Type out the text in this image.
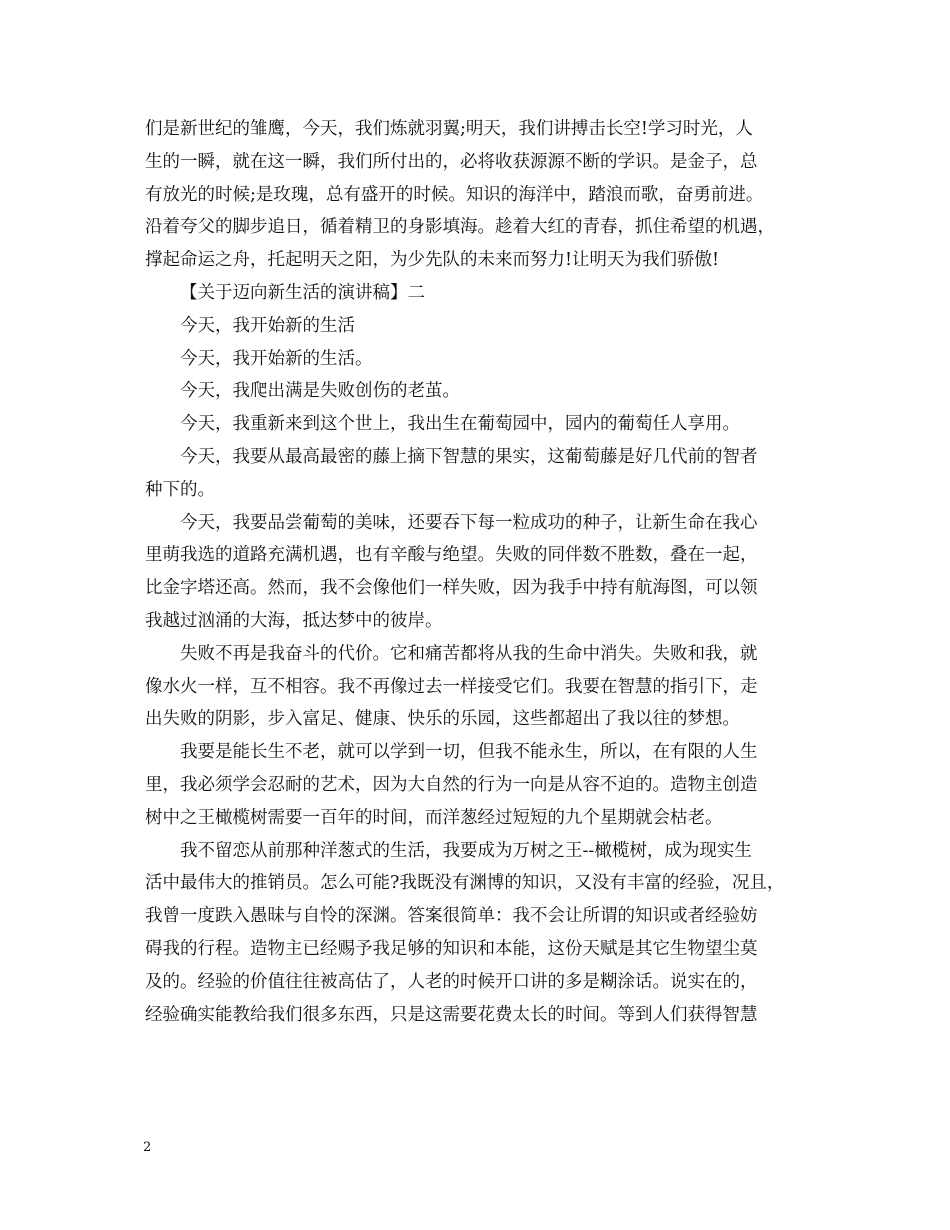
们是新世纪的雏鹰，今天，我们炼就羽翼;明天，我们讲搏击长空!学习时光，人
生的一瞬，就在这一瞬，我们所付出的，必将收获源源不断的学识。是金子，总
有放光的时候;是玫瑰，总有盛开的时候。知识的海洋中，踏浪而歌，奋勇前进。
沿着夸父的脚步追日，循着精卫的身影填海。趁着大红的青春，抓住希望的机遇，
撑起命运之舟，托起明天之阳，为少先队的未来而努力!让明天为我们骄傲!
【关于迈向新生活的演讲稿】二
今天，我开始新的生活
今天，我开始新的生活。
今天，我爬出满是失败创伤的老茧。
今天，我重新来到这个世上，我出生在葡萄园中，园内的葡萄任人享用。
今天，我要从最高最密的藤上摘下智慧的果实，这葡萄藤是好几代前的智者
种下的。
今天，我要品尝葡萄的美味，还要吞下每一粒成功的种子，让新生命在我心
里萌我选的道路充满机遇，也有辛酸与绝望。失败的同伴数不胜数，叠在一起，
比金字塔还高。然而，我不会像他们一样失败，因为我手中持有航海图，可以领
我越过汹涌的大海，抵达梦中的彼岸。
失败不再是我奋斗的代价。它和痛苦都将从我的生命中消失。失败和我，就
像水火一样，互不相容。我不再像过去一样接受它们。我要在智慧的指引下，走
出失败的阴影，步入富足、健康、快乐的乐园，这些都超出了我以往的梦想。
我要是能长生不老，就可以学到一切，但我不能永生，所以，在有限的人生
里，我必须学会忍耐的艺术，因为大自然的行为一向是从容不迫的。造物主创造
树中之王橄榄树需要一百年的时间，而洋葱经过短短的九个星期就会枯老。
我不留恋从前那种洋葱式的生活，我要成为万树之王--橄榄树，成为现实生
活中最伟大的推销员。怎么可能?我既没有渊博的知识，又没有丰富的经验，况且，
我曾一度跌入愚昧与自怜的深渊。答案很简单：我不会让所谓的知识或者经验妨
碍我的行程。造物主已经赐予我足够的知识和本能，这份天赋是其它生物望尘莫
及的。经验的价值往往被高估了，人老的时候开口讲的多是糊涂话。说实在的，
经验确实能教给我们很多东西，只是这需要花费太长的时间。等到人们获得智慧
2
